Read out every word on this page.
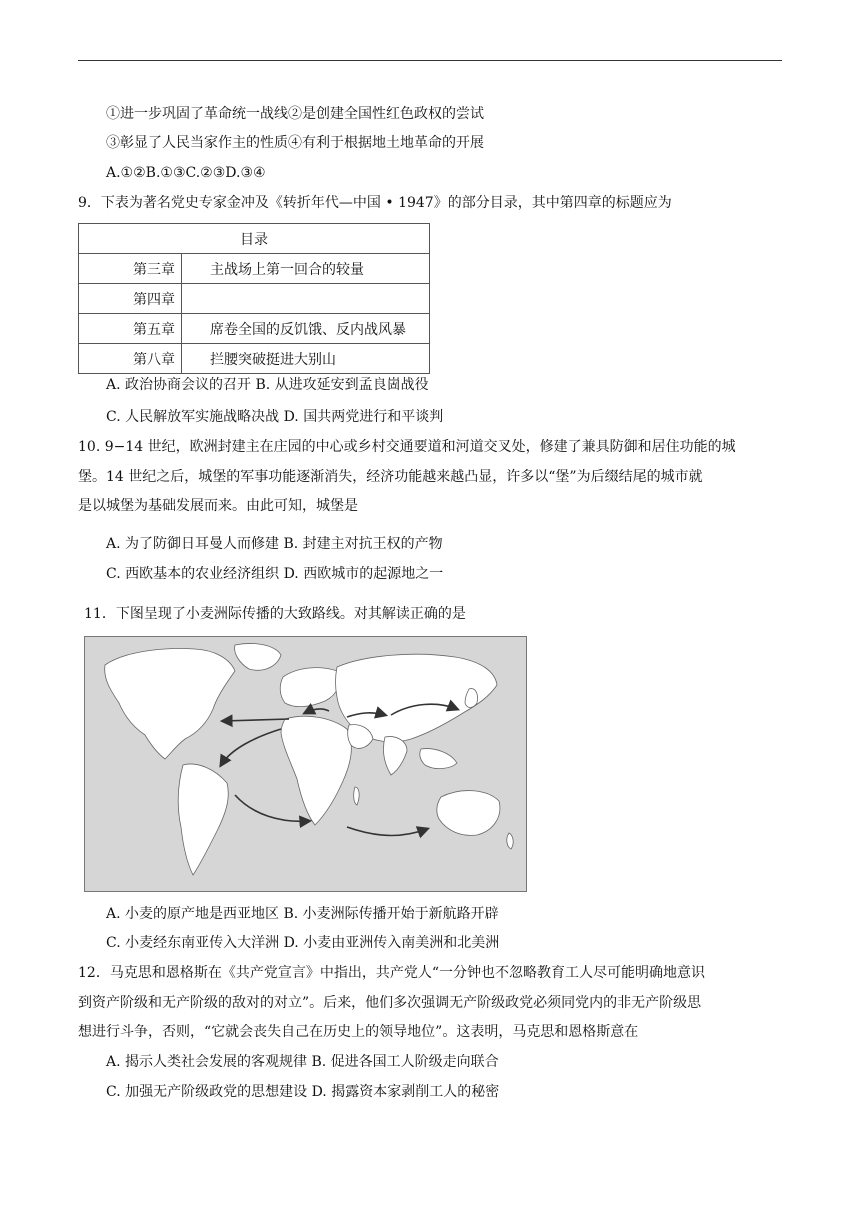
①进一步巩固了革命统一战线②是创建全国性红色政权的尝试
③彰显了人民当家作主的性质④有利于根据地土地革命的开展
A.①②B.①③C.②③D.③④
9．下表为著名党史专家金冲及《转折年代—中国 • 1947》的部分目录，其中第四章的标题应为
目录	
第三章	主战场上第一回合的较量
第四章	
第五章	席卷全国的反饥饿、反内战风暴
第八章	拦腰突破挺进大别山
A. 政治协商会议的召开 B. 从进攻延安到孟良崮战役
C. 人民解放军实施战略决战 D. 国共两党进行和平谈判
10. 9−14 世纪，欧洲封建主在庄园的中心或乡村交通要道和河道交叉处，修建了兼具防御和居住功能的城
堡。14 世纪之后，城堡的军事功能逐渐消失，经济功能越来越凸显，许多以“堡”为后缀结尾的城市就
是以城堡为基础发展而来。由此可知，城堡是
A. 为了防御日耳曼人而修建 B. 封建主对抗王权的产物
C. 西欧基本的农业经济组织 D. 西欧城市的起源地之一
11．下图呈现了小麦洲际传播的大致路线。对其解读正确的是
A. 小麦的原产地是西亚地区 B. 小麦洲际传播开始于新航路开辟
C. 小麦经东南亚传入大洋洲 D. 小麦由亚洲传入南美洲和北美洲
12．马克思和恩格斯在《共产党宣言》中指出，共产党人“一分钟也不忽略教育工人尽可能明确地意识
到资产阶级和无产阶级的敌对的对立”。后来，他们多次强调无产阶级政党必须同党内的非无产阶级思
想进行斗争，否则，“它就会丧失自己在历史上的领导地位”。这表明，马克思和恩格斯意在
A. 揭示人类社会发展的客观规律 B. 促进各国工人阶级走向联合
C. 加强无产阶级政党的思想建设 D. 揭露资本家剥削工人的秘密
